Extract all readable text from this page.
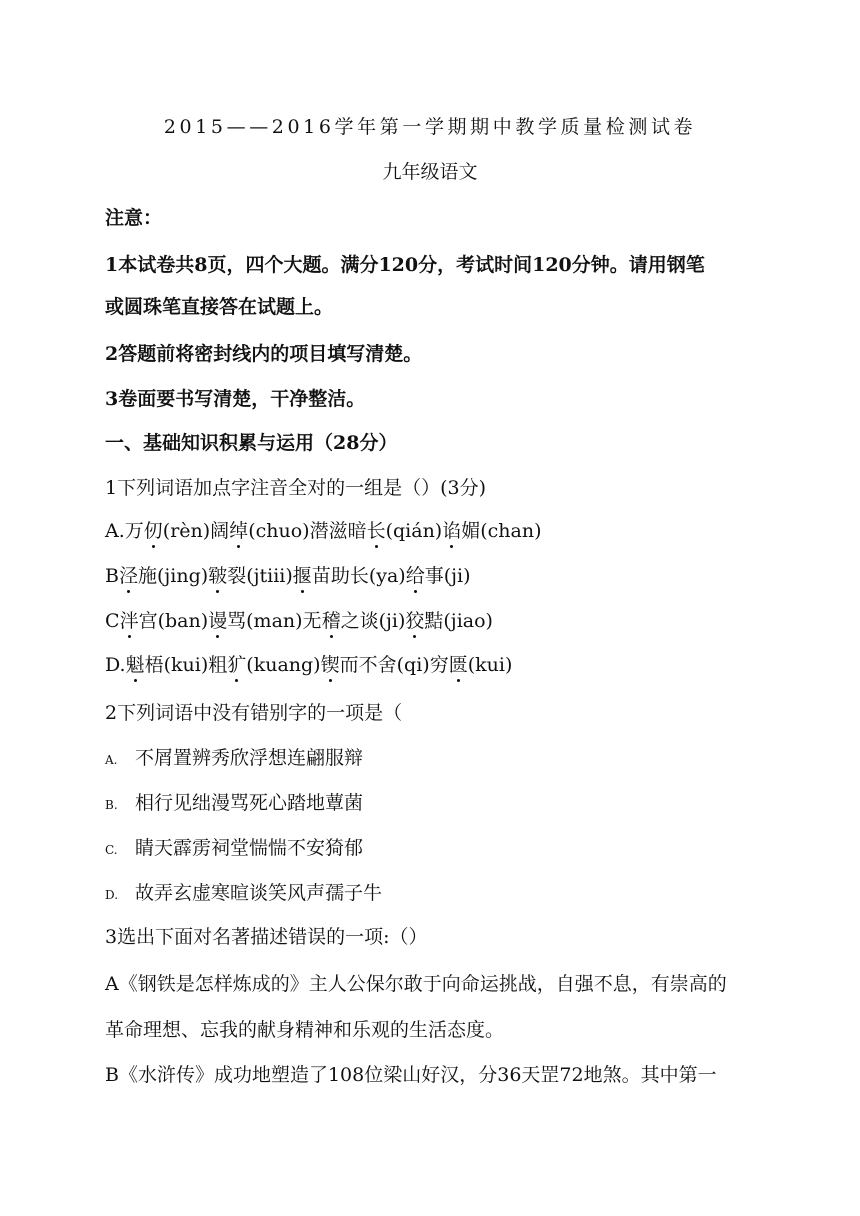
2015——2016学年第一学期期中教学质量检测试卷
九年级语文
注意：
1本试卷共8页，四个大题。满分120分，考试时间120分钟。请用钢笔
或圆珠笔直接答在试题上。
2答题前将密封线内的项目填写清楚。
3卷面要书写清楚，干净整洁。
一、基础知识积累与运用（28分）
1下列词语加点字注音全对的一组是（）(3分)
A.万仞(rèn)阔绰(chuo)潜滋暗长(qián)谄媚(chan)
B泾施(jing)皲裂(jtiii)揠苗助长(ya)给事(ji)
C泮宫(ban)谩骂(man)无稽之谈(ji)狡黠(jiao)
D.魁梧(kui)粗犷(kuang)锲而不舍(qi)穷匮(kui)
2下列词语中没有错别字的一项是（
A. 不屑置辨秀欣浮想连翩服辩
B. 相行见绌漫骂死心踏地蕈菌
C. 睛天霹雳祠堂惴惴不安猗郁
D. 故弄玄虚寒暄谈笑风声孺子牛
3选出下面对名著描述错误的一项:（）
A《钢铁是怎样炼成的》主人公保尔敢于向命运挑战，自强不息，有崇高的
革命理想、忘我的献身精神和乐观的生活态度。
B《水浒传》成功地塑造了108位梁山好汉，分36天罡72地煞。其中第一
